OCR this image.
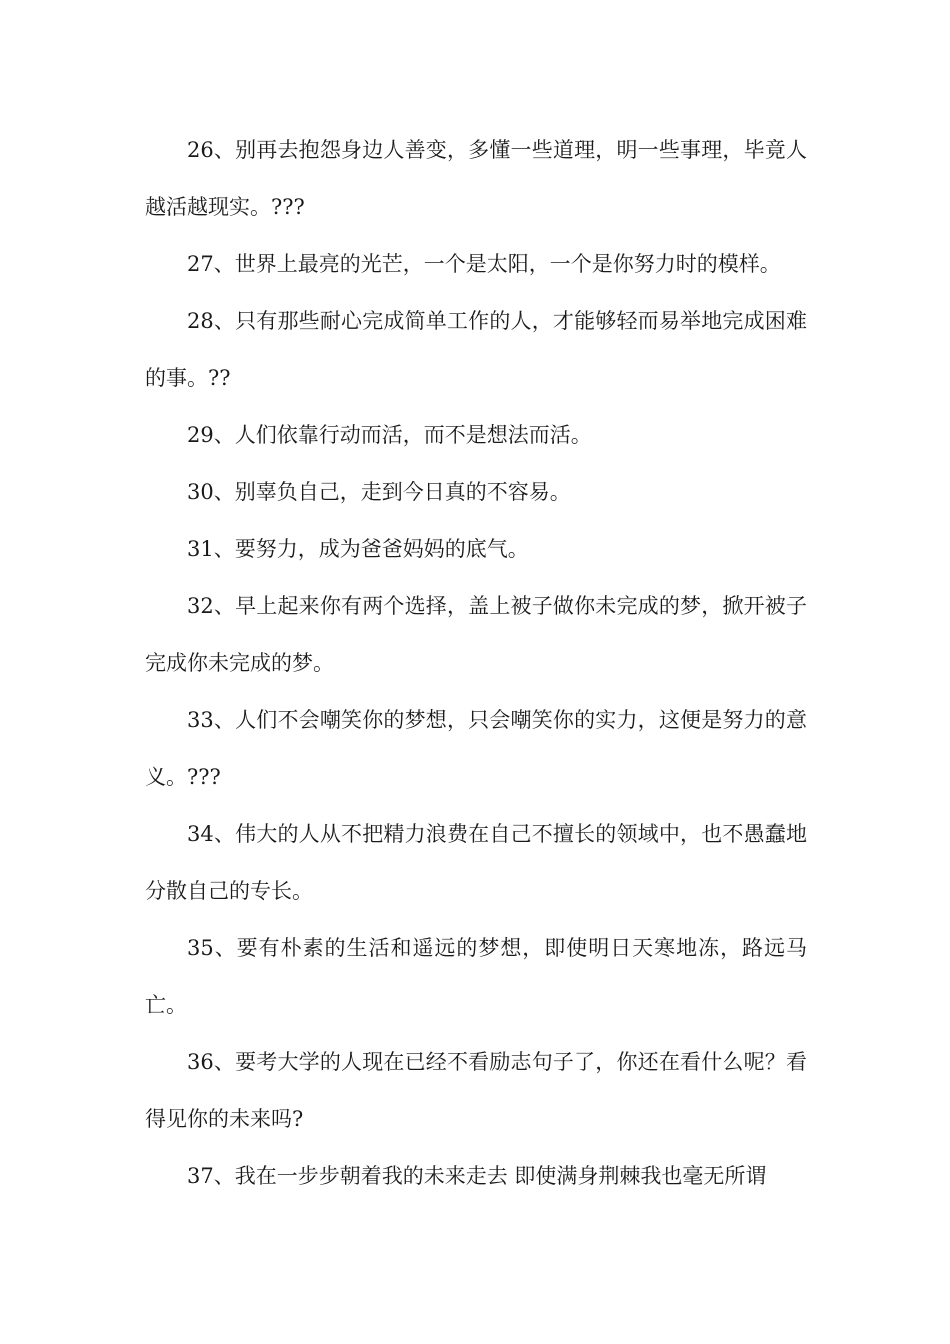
26、别再去抱怨身边人善变，多懂一些道理，明一些事理，毕竟人越活越现实。???

27、世界上最亮的光芒，一个是太阳，一个是你努力时的模样。

28、只有那些耐心完成简单工作的人，才能够轻而易举地完成困难的事。??

29、人们依靠行动而活，而不是想法而活。

30、别辜负自己，走到今日真的不容易。

31、要努力，成为爸爸妈妈的底气。

32、早上起来你有两个选择，盖上被子做你未完成的梦，掀开被子完成你未完成的梦。

33、人们不会嘲笑你的梦想，只会嘲笑你的实力，这便是努力的意义。???

34、伟大的人从不把精力浪费在自己不擅长的领域中，也不愚蠢地分散自己的专长。

35、要有朴素的生活和遥远的梦想，即使明日天寒地冻，路远马亡。

36、要考大学的人现在已经不看励志句子了，你还在看什么呢？看得见你的未来吗?

37、我在一步步朝着我的未来走去 即使满身荆棘我也毫无所谓
